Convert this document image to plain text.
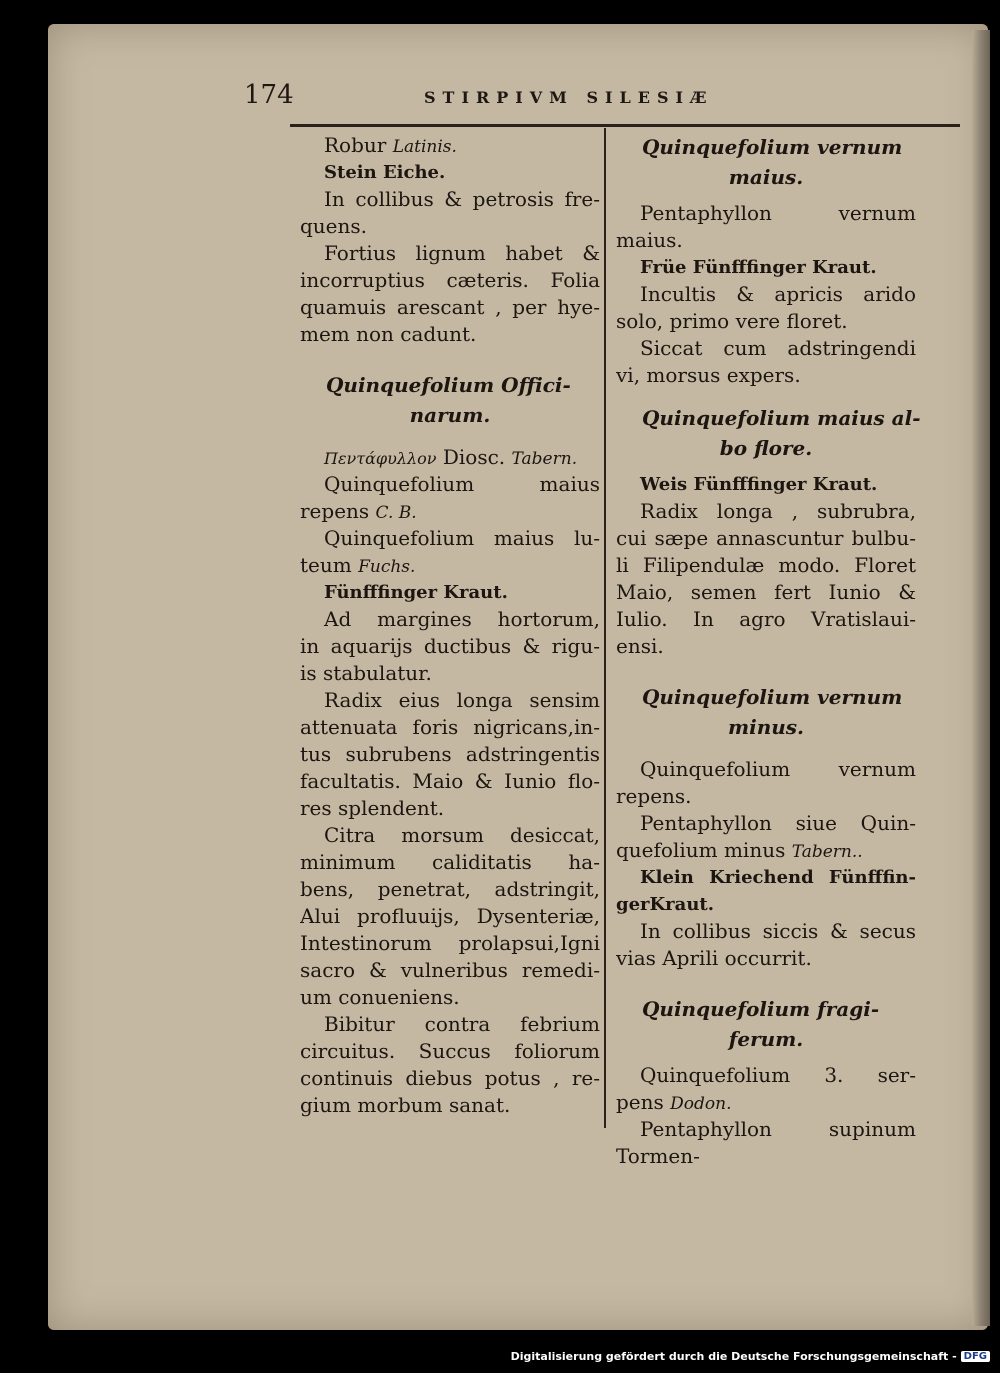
174	STIRPIVM SILESIÆ
Robur Latinis.
Stein Eiche.
In collibus & petrosis fre-
quens.
Fortius lignum habet &
incorruptius cæteris. Folia
quamuis arescant , per hye-
mem non cadunt.
Quinquefolium Offici-
narum.
Πεντάφυλλον Diosc. Tabern.
Quinquefolium maius
repens C. B.
Quinquefolium maius lu-
teum Fuchs.
Fünfffinger Kraut.
Ad margines hortorum,
in aquarijs ductibus & rigu-
is stabulatur.
Radix eius longa sensim
attenuata foris nigricans,in-
tus subrubens adstringentis
facultatis. Maio & Iunio flo-
res splendent.
Citra morsum desiccat,
minimum caliditatis ha-
bens, penetrat, adstringit,
Alui profluuijs, Dysenteriæ,
Intestinorum prolapsui,Igni
sacro & vulneribus remedi-
um conueniens.
Bibitur contra febrium
circuitus. Succus foliorum
continuis diebus potus , re-
gium morbum sanat.
Quinquefolium vernum
maius.
Pentaphyllon vernum
maius.
Früe Fünfffinger Kraut.
Incultis & apricis arido
solo, primo vere floret.
Siccat cum adstringendi
vi, morsus expers.
Quinquefolium maius al-
bo flore.
Weis Fünfffinger Kraut.
Radix longa , subrubra,
cui sæpe annascuntur bulbu-
li Filipendulæ modo. Floret
Maio, semen fert Iunio &
Iulio. In agro Vratislaui-
ensi.
Quinquefolium vernum
minus.
Quinquefolium vernum
repens.
Pentaphyllon siue Quin-
quefolium minus Tabern..
Klein Kriechend Fünfffin-
gerKraut.
In collibus siccis & secus
vias Aprili occurrit.
Quinquefolium fragi-
ferum.
Quinquefolium 3. ser-
pens Dodon.
Pentaphyllon supinum
Tormen-
Digitalisierung gefördert durch die Deutsche Forschungsgemeinschaft - DFG
